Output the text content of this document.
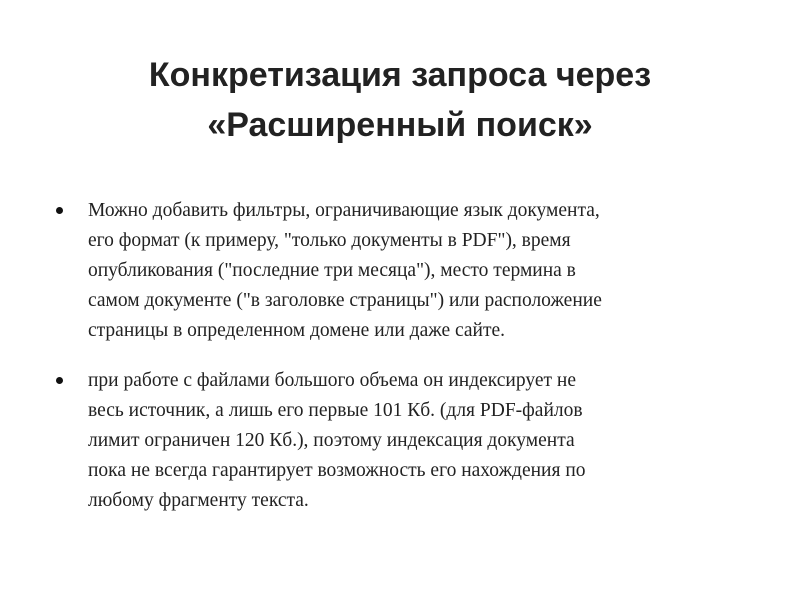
Конкретизация запроса через
«Расширенный поиск»
Можно добавить фильтры, ограничивающие язык документа,
его формат (к примеру, "только документы в PDF"), время
опубликования ("последние три месяца"), место термина в
самом документе ("в заголовке страницы") или расположение
страницы в определенном домене или даже сайте.
при работе с файлами большого объема он индексирует не
весь источник, а лишь его первые 101 Кб. (для PDF-файлов
лимит ограничен 120 Кб.), поэтому индексация документа
пока не всегда гарантирует возможность его нахождения по
любому фрагменту текста.
